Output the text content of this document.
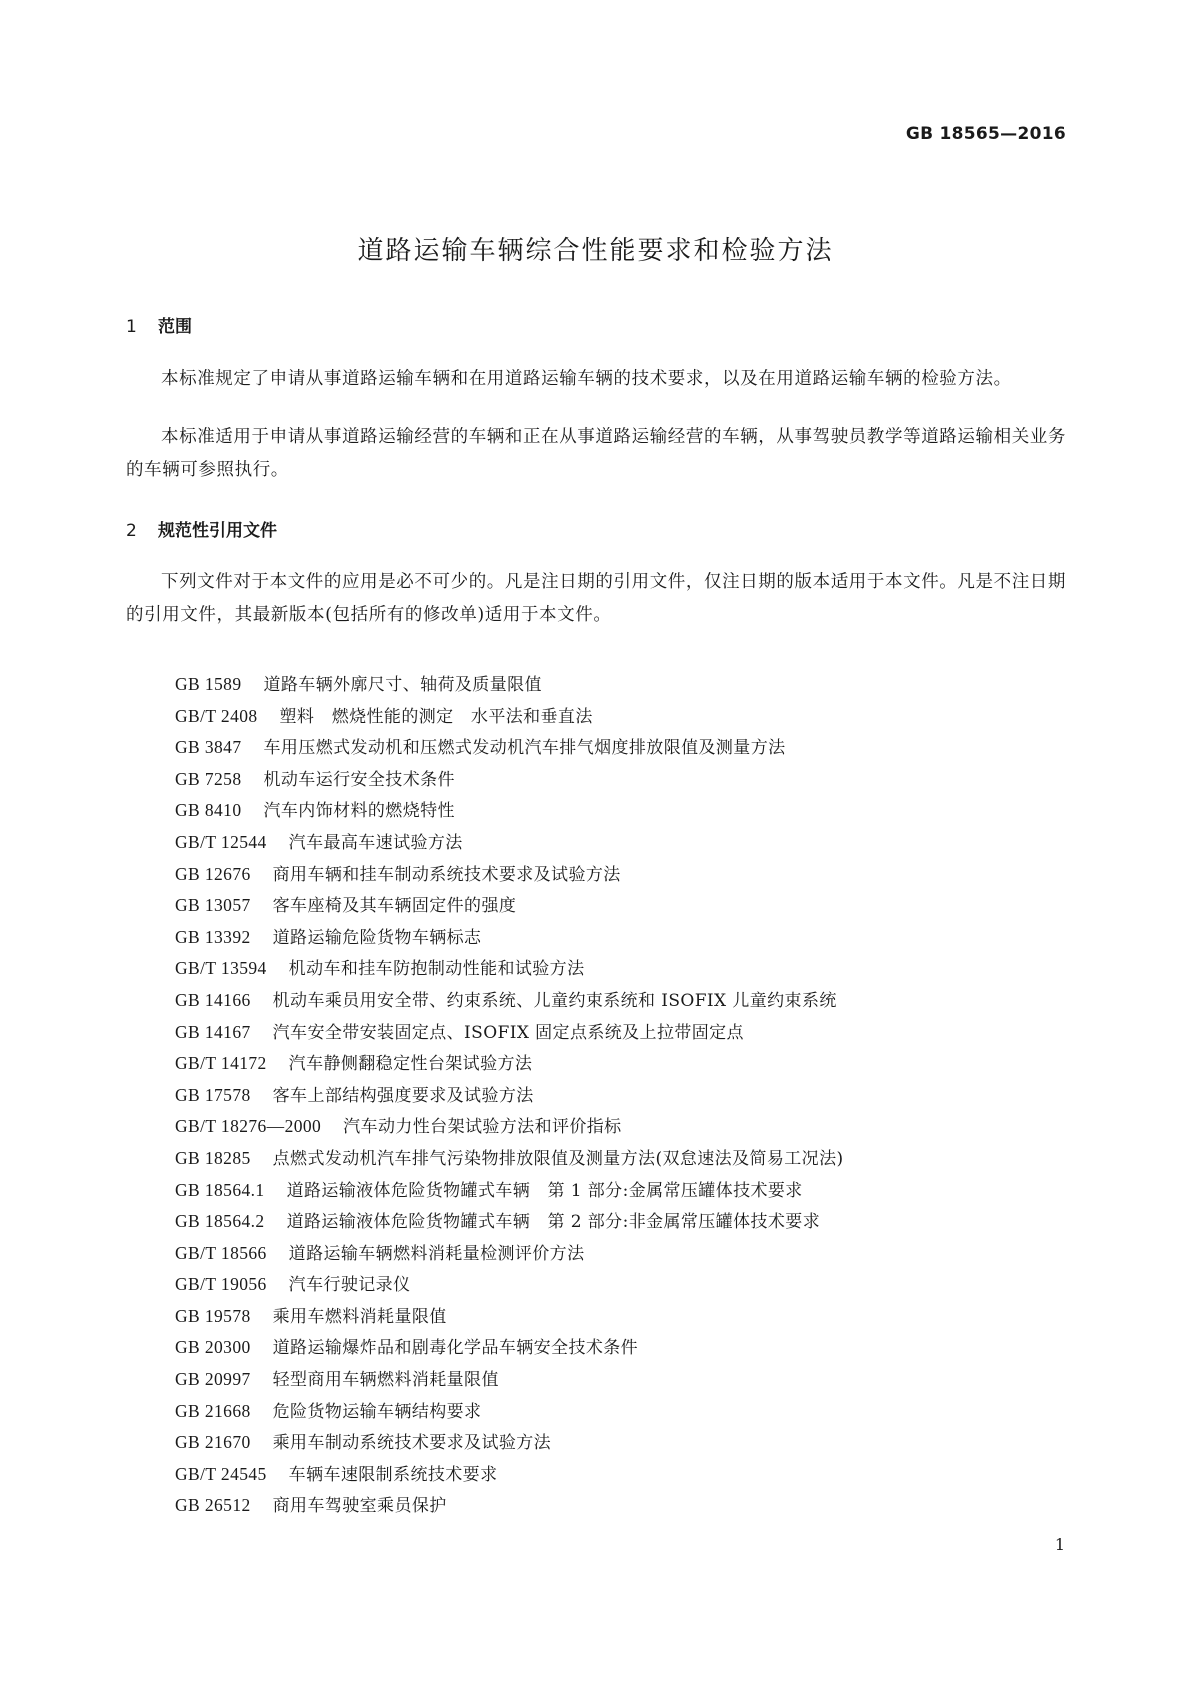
GB 18565—2016
道路运输车辆综合性能要求和检验方法
1 范围

本标准规定了申请从事道路运输车辆和在用道路运输车辆的技术要求，以及在用道路运输车辆的检验方法。

本标准适用于申请从事道路运输经营的车辆和正在从事道路运输经营的车辆，从事驾驶员教学等道路运输相关业务的车辆可参照执行。

2 规范性引用文件

下列文件对于本文件的应用是必不可少的。凡是注日期的引用文件，仅注日期的版本适用于本文件。凡是不注日期的引用文件，其最新版本(包括所有的修改单)适用于本文件。

GB 1589 道路车辆外廓尺寸、轴荷及质量限值
GB/T 2408 塑料　燃烧性能的测定　水平法和垂直法
GB 3847 车用压燃式发动机和压燃式发动机汽车排气烟度排放限值及测量方法
GB 7258 机动车运行安全技术条件
GB 8410 汽车内饰材料的燃烧特性
GB/T 12544 汽车最高车速试验方法
GB 12676 商用车辆和挂车制动系统技术要求及试验方法
GB 13057 客车座椅及其车辆固定件的强度
GB 13392 道路运输危险货物车辆标志
GB/T 13594 机动车和挂车防抱制动性能和试验方法
GB 14166 机动车乘员用安全带、约束系统、儿童约束系统和 ISOFIX 儿童约束系统
GB 14167 汽车安全带安装固定点、ISOFIX 固定点系统及上拉带固定点
GB/T 14172 汽车静侧翻稳定性台架试验方法
GB 17578 客车上部结构强度要求及试验方法
GB/T 18276—2000 汽车动力性台架试验方法和评价指标
GB 18285 点燃式发动机汽车排气污染物排放限值及测量方法(双怠速法及简易工况法)
GB 18564.1 道路运输液体危险货物罐式车辆　第 1 部分:金属常压罐体技术要求
GB 18564.2 道路运输液体危险货物罐式车辆　第 2 部分:非金属常压罐体技术要求
GB/T 18566 道路运输车辆燃料消耗量检测评价方法
GB/T 19056 汽车行驶记录仪
GB 19578 乘用车燃料消耗量限值
GB 20300 道路运输爆炸品和剧毒化学品车辆安全技术条件
GB 20997 轻型商用车辆燃料消耗量限值
GB 21668 危险货物运输车辆结构要求
GB 21670 乘用车制动系统技术要求及试验方法
GB/T 24545 车辆车速限制系统技术要求
GB 26512 商用车驾驶室乘员保护
1
